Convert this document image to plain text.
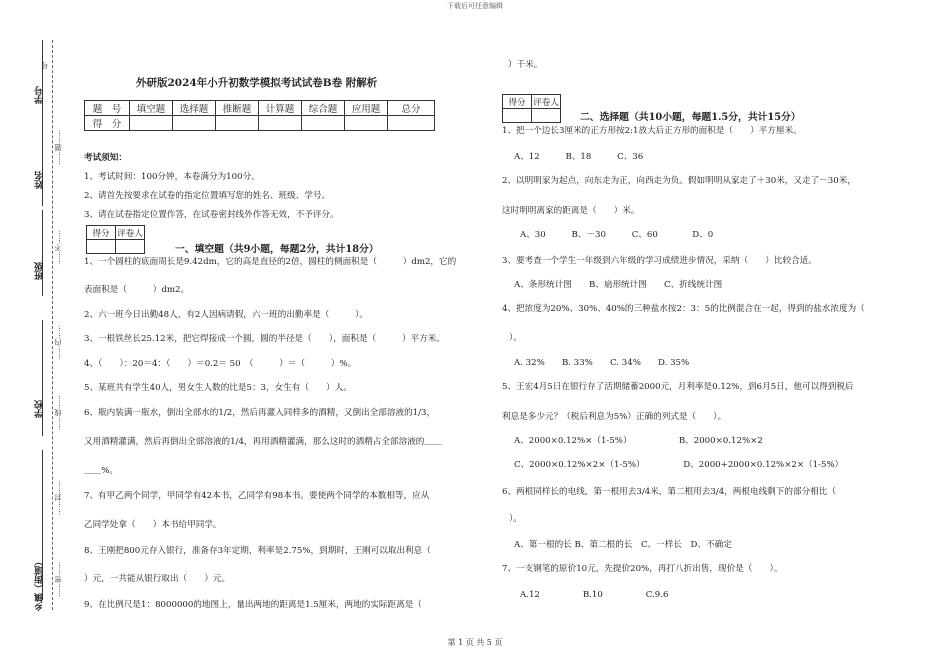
下载后可任意编辑
学号
姓名
班级
学校
乡镇（街道）
号
……题……
……不……
……内……
……线……
……封……
……密……
外研版2024年小升初数学模拟考试试卷B卷 附解析
题　号	填空题	选择题	推断题	计算题	综合题	应用题	总分
得　分							
考试须知：
1、考试时间：100分钟，本卷满分为100分。
2、请首先按要求在试卷的指定位置填写您的姓名、班级、学号。
3、请在试卷指定位置作答，在试卷密封线外作答无效，不予评分。
得分	评卷人

一、填空题（共9小题，每题2分，共计18分）
1、一个圆柱的底面周长是9.42dm，它的高是直径的2倍，圆柱的侧面积是（　　　）dm2，它的
表面积是（　　　）dm2。
2、六一班今日出勤48人，有2人因病请假，六一班的出勤率是（　　　）。
3、一根铁丝长25.12米，把它焊接成一个圆，圆的半径是（　　），面积是（　　　）平方米。
4、（　　）：20＝4：（　　）＝0.2＝ 50　（　　　）＝（　　　）%。
5、某班共有学生40人，男女生人数的比是5：3，女生有（　　）人。
6、瓶内装满一瓶水，倒出全部水的1/2，然后再灌入同样多的酒精，又倒出全部溶液的1/3，
又用酒精灌满，然后再倒出全部溶液的1/4，再用酒精灌满，那么这时的酒精占全部溶液的＿＿
＿＿%。
7、有甲乙两个同学，甲同学有42本书，乙同学有98本书。要使两个同学的本数相等，应从
乙同学处拿（　　）本书给甲同学。
8、王刚把800元存入银行，准备存3年定期，利率是2.75%，到期时，王刚可以取出利息（
）元，一共能从银行取出（　　）元。
9、在比例尺是1：8000000的地图上，量出两地的距离是1.5厘米，两地的实际距离是（
）千米。
得分	评卷人

二、选择题（共10小题，每题1.5分，共计15分）
1、把一个边长3厘米的正方形按2:1放大后正方形的面积是（　　）平方厘米。
A、12　　　B、18　　　C、36
2、以明明家为起点，向东走为正，向西走为负。假如明明从家走了＋30米，又走了－30米，
这时明明离家的距离是（　　）米。
A、30　　　B、－30　　　C、60　　　　D、0
3、要考查一个学生一年级到六年级的学习成绩进步情况，采纳（　　）比较合适。
A、条形统计图　　B、扇形统计图　　C、折线统计图
4、把浓度为20%、30%、40%的三种盐水按2：3：5的比例混合在一起，得到的盐水浓度为（
）。
A. 32%　　B. 33%　　C. 34%　　D. 35%
5、王宏4月5日在银行存了活期储蓄2000元，月利率是0.12%，到6月5日，他可以得到税后
利息是多少元？（税后利息为5%）正确的列式是（　　）。
A、2000×0.12%×（1-5%）　　　　　　B、2000×0.12%×2
C、2000×0.12%×2×（1-5%）　　　　　D、2000+2000×0.12%×2×（1-5%）
6、两根同样长的电线，第一根用去3/4米，第二根用去3/4，两根电线剩下的部分相比（
）。
A、第一根的长 B、第二根的长　C、一样长　D、不确定
7、一支钢笔的原价10元，先提价20%，再打八折出售，现价是（　　）。
A.12　　　　　B.10　　　　　C.9.6
第 1 页 共 5 页
